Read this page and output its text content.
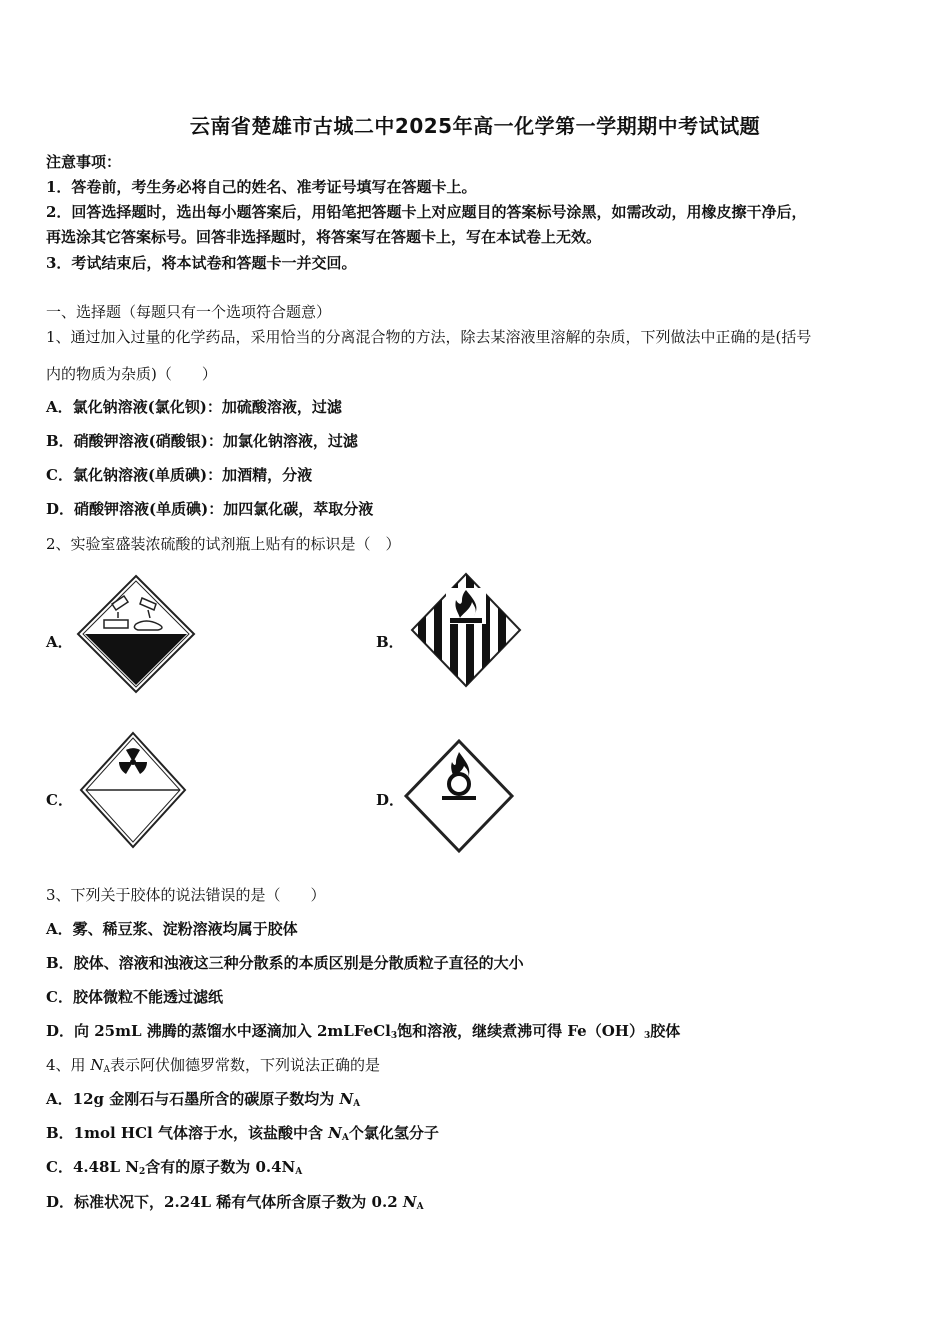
云南省楚雄市古城二中2025年高一化学第一学期期中考试试题
注意事项：
1．答卷前，考生务必将自己的姓名、准考证号填写在答题卡上。
2．回答选择题时，选出每小题答案后，用铅笔把答题卡上对应题目的答案标号涂黑，如需改动，用橡皮擦干净后，
再选涂其它答案标号。回答非选择题时，将答案写在答题卡上，写在本试卷上无效。
3．考试结束后，将本试卷和答题卡一并交回。
一、选择题（每题只有一个选项符合题意）
1、通过加入过量的化学药品，采用恰当的分离混合物的方法，除去某溶液里溶解的杂质，下列做法中正确的是(括号
内的物质为杂质)（　　）
A．氯化钠溶液(氯化钡)：加硫酸溶液，过滤
B．硝酸钾溶液(硝酸银)：加氯化钠溶液，过滤
C．氯化钠溶液(单质碘)：加酒精，分液
D．硝酸钾溶液(单质碘)：加四氯化碳，萃取分液
2、实验室盛装浓硫酸的试剂瓶上贴有的标识是（　）
A．	B．
C．	D．
3、下列关于胶体的说法错误的是（　　）
A．雾、稀豆浆、淀粉溶液均属于胶体
B．胶体、溶液和浊液这三种分散系的本质区别是分散质粒子直径的大小
C．胶体微粒不能透过滤纸
D．向 25mL 沸腾的蒸馏水中逐滴加入 2mLFeCl$_3$饱和溶液，继续煮沸可得 $Fe(OH)_3$胶体
4、用 $N_A$表示阿伏伽德罗常数，下列说法正确的是
A．12g 金刚石与石墨所含的碳原子数均为 $N_A$
B．1mol HCl 气体溶于水，该盐酸中含 $N_A$个氯化氢分子
C．4.48L $N_2$含有的原子数为 $0.4N_A$
D．标准状况下，2.24L 稀有气体所含原子数为 0.2 $N_A$
